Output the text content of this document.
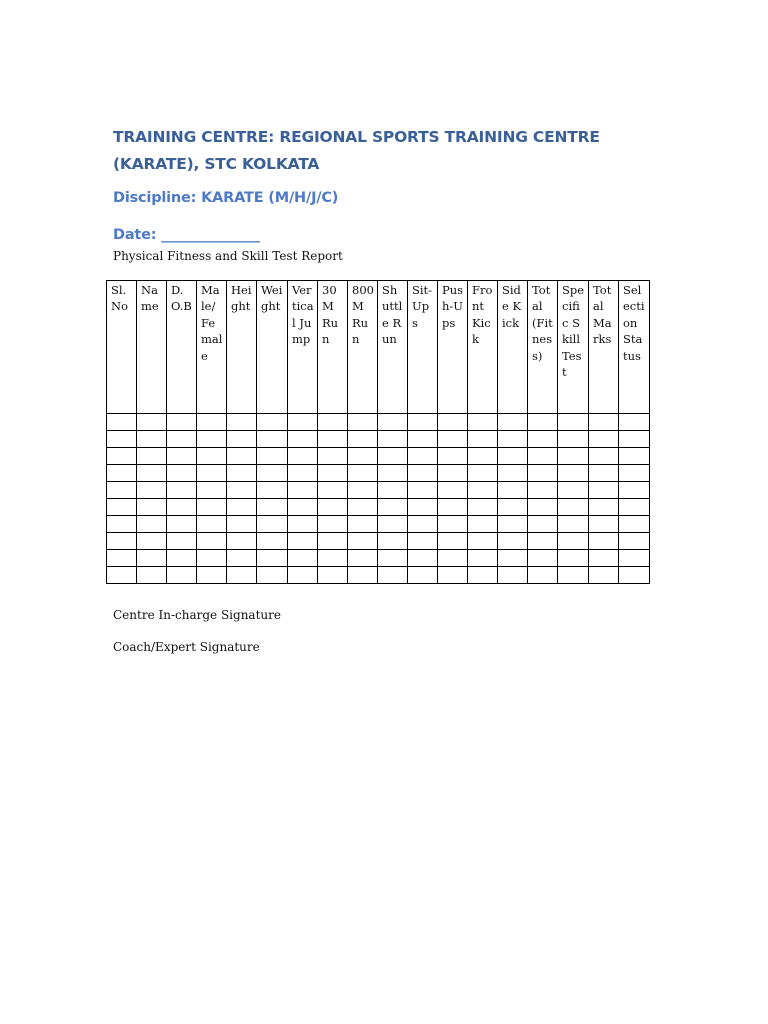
TRAINING CENTRE: REGIONAL SPORTS TRAINING CENTRE (KARATE), STC KOLKATA
Discipline: KARATE (M/H/J/C)
Date: ______________
Physical Fitness and Skill Test Report
Sl. No	Name	D.O.B	Male/Female	Height	Weight	Vertical Jump	30 M Run	800 M Run	Shuttle Run	Sit-Ups	Push-Ups	Front Kick	Side Kick	Total (Fitness)	Specific Skill Test	Total Marks	Selection Status

Centre In-charge Signature
Coach/Expert Signature
